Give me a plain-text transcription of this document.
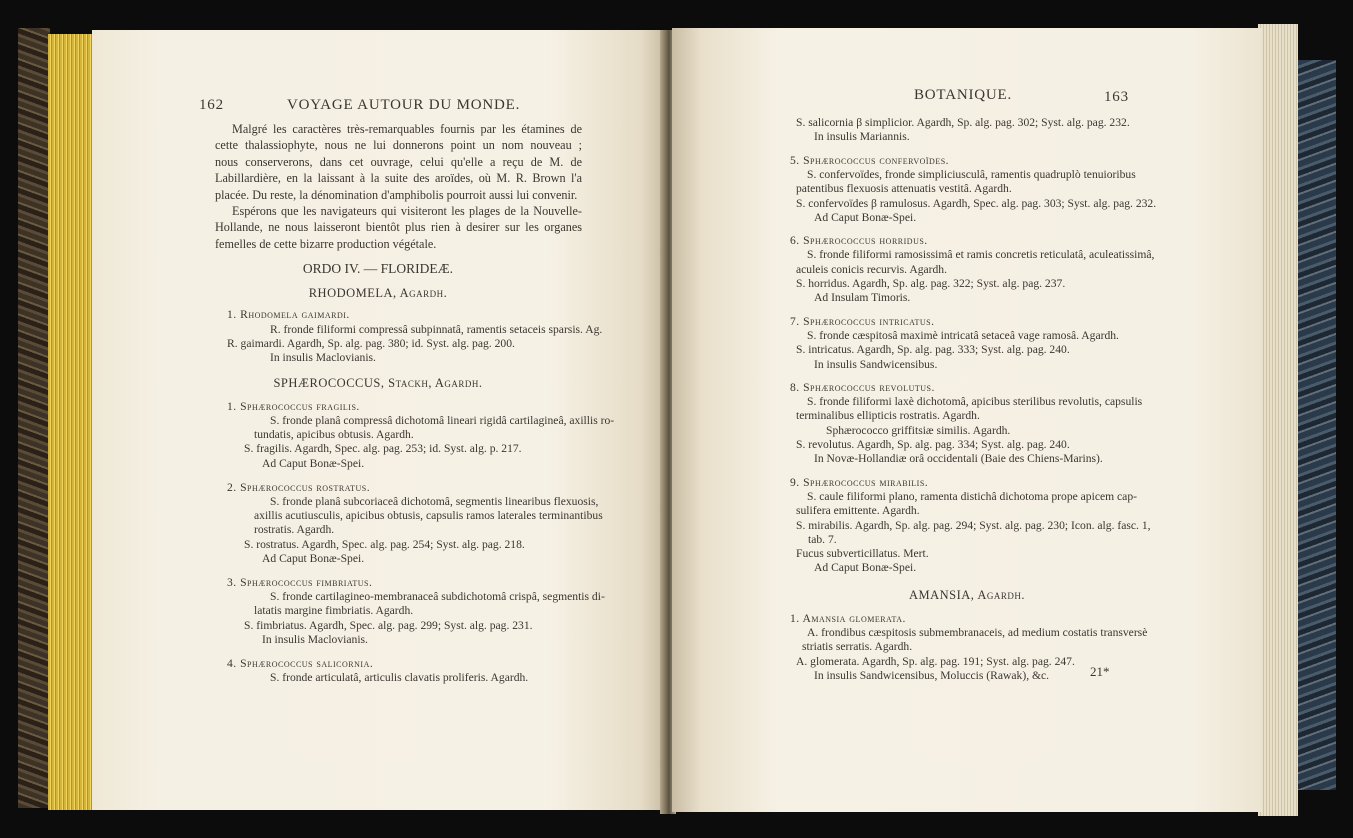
162	VOYAGE AUTOUR DU MONDE.
Malgré les caractères très-remarquables fournis par les étamines de
cette thalassiophyte, nous ne lui donnerons point un nom nouveau ;
nous conserverons, dans cet ouvrage, celui qu'elle a reçu de M. de
Labillardière, en la laissant à la suite des aroïdes, où M. R. Brown l'a
placée. Du reste, la dénomination d'amphibolis pourroit aussi lui convenir.
Espérons que les navigateurs qui visiteront les plages de la Nouvelle-
Hollande, ne nous laisseront bientôt plus rien à desirer sur les organes
femelles de cette bizarre production végétale.
ORDO IV. — FLORIDEÆ.
RHODOMELA, Agardh.
1. Rhodomela gaimardi.
R. fronde filiformi compressâ subpinnatâ, ramentis setaceis sparsis. Ag.
R. gaimardi. Agardh, Sp. alg. pag. 380; id. Syst. alg. pag. 200.
In insulis Maclovianis.
SPHÆROCOCCUS, Stackh, Agardh.
1. Sphærococcus fragilis.
S. fronde planâ compressâ dichotomâ lineari rigidâ cartilagineâ, axillis ro-
tundatis, apicibus obtusis. Agardh.
S. fragilis. Agardh, Spec. alg. pag. 253; id. Syst. alg. p. 217.
Ad Caput Bonæ-Spei.
2. Sphærococcus rostratus.
S. fronde planâ subcoriaceâ dichotomâ, segmentis linearibus flexuosis,
axillis acutiusculis, apicibus obtusis, capsulis ramos laterales terminantibus
rostratis. Agardh.
S. rostratus. Agardh, Spec. alg. pag. 254; Syst. alg. pag. 218.
Ad Caput Bonæ-Spei.
3. Sphærococcus fimbriatus.
S. fronde cartilagineo-membranaceâ subdichotomâ crispâ, segmentis di-
latatis margine fimbriatis. Agardh.
S. fimbriatus. Agardh, Spec. alg. pag. 299; Syst. alg. pag. 231.
In insulis Maclovianis.
4. Sphærococcus salicornia.
S. fronde articulatâ, articulis clavatis proliferis. Agardh.
BOTANIQUE.	163
S. salicornia β simplicior. Agardh, Sp. alg. pag. 302; Syst. alg. pag. 232.
In insulis Mariannis.
5. Sphærococcus confervoïdes.
S. confervoïdes, fronde simpliciusculâ, ramentis quadruplò tenuioribus
patentibus flexuosis attenuatis vestitâ. Agardh.
S. confervoïdes β ramulosus. Agardh, Spec. alg. pag. 303; Syst. alg. pag. 232.
Ad Caput Bonæ-Spei.
6. Sphærococcus horridus.
S. fronde filiformi ramosissimâ et ramis concretis reticulatâ, aculeatissimâ,
aculeis conicis recurvis. Agardh.
S. horridus. Agardh, Sp. alg. pag. 322; Syst. alg. pag. 237.
Ad Insulam Timoris.
7. Sphærococcus intricatus.
S. fronde cæspitosâ maximè intricatâ setaceâ vage ramosâ. Agardh.
S. intricatus. Agardh, Sp. alg. pag. 333; Syst. alg. pag. 240.
In insulis Sandwicensibus.
8. Sphærococcus revolutus.
S. fronde filiformi laxè dichotomâ, apicibus sterilibus revolutis, capsulis
terminalibus ellipticis rostratis. Agardh.
Sphærococco griffitsiæ similis. Agardh.
S. revolutus. Agardh, Sp. alg. pag. 334; Syst. alg. pag. 240.
In Novæ-Hollandiæ orâ occidentali (Baie des Chiens-Marins).
9. Sphærococcus mirabilis.
S. caule filiformi plano, ramenta distichâ dichotoma prope apicem cap-
sulifera emittente. Agardh.
S. mirabilis. Agardh, Sp. alg. pag. 294; Syst. alg. pag. 230; Icon. alg. fasc. 1,
tab. 7.
Fucus subverticillatus. Mert.
Ad Caput Bonæ-Spei.
AMANSIA, Agardh.
1. Amansia glomerata.
A. frondibus cæspitosis submembranaceis, ad medium costatis transversè
striatis serratis. Agardh.
A. glomerata. Agardh, Sp. alg. pag. 191; Syst. alg. pag. 247.
In insulis Sandwicensibus, Moluccis (Rawak), &c.	21*
